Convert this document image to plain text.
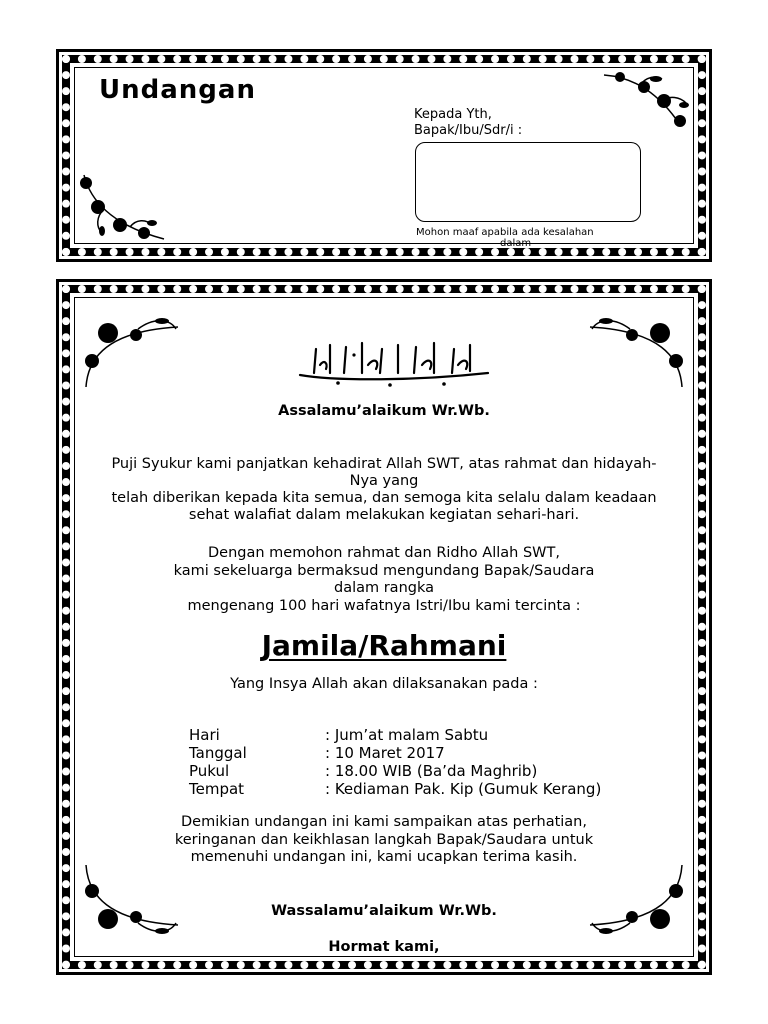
Undangan
Kepada Yth,
Bapak/Ibu/Sdr/i :
Mohon maaf apabila ada kesalahan
dalam
Assalamu’alaikum Wr.Wb.
Puji Syukur kami panjatkan kehadirat Allah SWT, atas rahmat dan hidayah-
Nya yang
telah diberikan kepada kita semua, dan semoga kita selalu dalam keadaan
sehat walafiat dalam melakukan kegiatan sehari-hari.
Dengan memohon rahmat dan Ridho Allah SWT,
kami sekeluarga bermaksud mengundang Bapak/Saudara
dalam rangka
mengenang 100 hari wafatnya Istri/Ibu kami tercinta :
Jamila/Rahmani
Yang Insya Allah akan dilaksanakan pada :
Hari	: Jum’at malam Sabtu
Tanggal	: 10 Maret 2017
Pukul	: 18.00 WIB (Ba’da Maghrib)
Tempat	: Kediaman Pak. Kip (Gumuk Kerang)
Demikian undangan ini kami sampaikan atas perhatian,
keringanan dan keikhlasan langkah Bapak/Saudara untuk
memenuhi undangan ini, kami ucapkan terima kasih.
Wassalamu’alaikum Wr.Wb.
Hormat kami,
